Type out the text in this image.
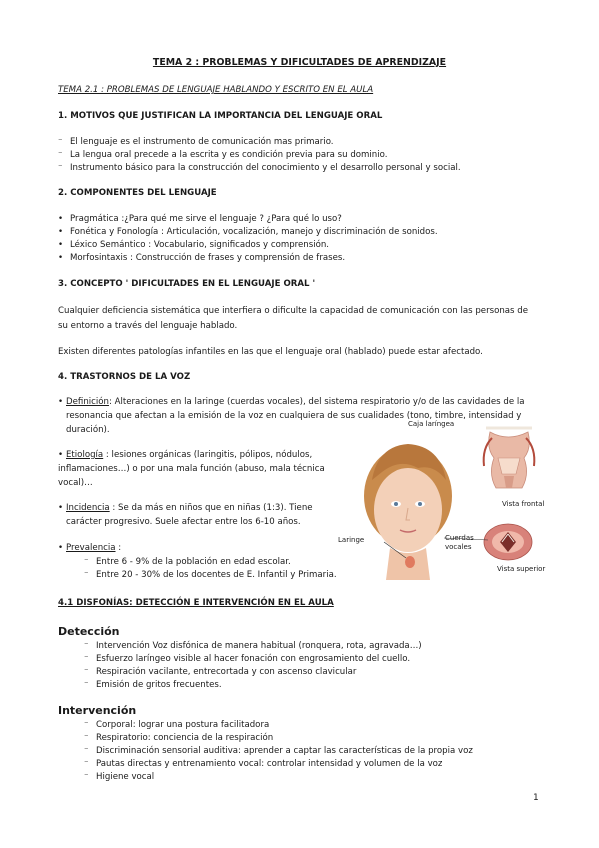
TEMA 2 : PROBLEMAS Y DIFICULTADES DE APRENDIZAJE
TEMA 2.1 : PROBLEMAS DE LENGUAJE HABLANDO Y ESCRITO EN EL AULA
1. MOTIVOS QUE JUSTIFICAN LA IMPORTANCIA DEL LENGUAJE ORAL
⁻ El lenguaje es el instrumento de comunicación mas primario.
⁻ La lengua oral precede a la escrita y es condición previa para su dominio.
⁻ Instrumento básico para la construcción del conocimiento y el desarrollo personal y social.
2. COMPONENTES DEL LENGUAJE
• Pragmática :¿Para qué me sirve el lenguaje ? ¿Para qué lo uso?
• Fonética y Fonología : Articulación, vocalización, manejo y discriminación de sonidos.
• Léxico Semántico : Vocabulario, significados y comprensión.
• Morfosintaxis : Construcción de frases y comprensión de frases.
3. CONCEPTO ' DIFICULTADES EN EL LENGUAJE ORAL '
Cualquier deficiencia sistemática que interfiera o dificulte la capacidad de comunicación con las personas de
su entorno a través del lenguaje hablado.
Existen diferentes patologías infantiles en las que el lenguaje oral (hablado) puede estar afectado.
4. TRASTORNOS DE LA VOZ
• Definición: Alteraciones en la laringe (cuerdas vocales), del sistema respiratorio y/o de las cavidades de la
resonancia que afectan a la emisión de la voz en cualquiera de sus cualidades (tono, timbre, intensidad y
duración).
• Etiología : lesiones orgánicas (laringitis, pólipos, nódulos,
inflamaciones…) o por una mala función (abuso, mala técnica
vocal)…
• Incidencia : Se da más en niños que en niñas (1:3). Tiene
carácter progresivo. Suele afectar entre los 6-10 años.
• Prevalencia :
⁻ Entre 6 - 9% de la población en edad escolar.
⁻ Entre 20 - 30% de los docentes de E. Infantil y Primaria.
Caja laríngea
Laringe
Vista frontal
Cuerdas
vocales
Vista superior
4.1 DISFONÍAS: DETECCIÓN E INTERVENCIÓN EN EL AULA
Detección
⁻ Intervención Voz disfónica de manera habitual (ronquera, rota, agravada…)
⁻ Esfuerzo laríngeo visible al hacer fonación con engrosamiento del cuello.
⁻ Respiración vacilante, entrecortada y con ascenso clavicular
⁻ Emisión de gritos frecuentes.
Intervención
⁻ Corporal: lograr una postura facilitadora
⁻ Respiratorio: conciencia de la respiración
⁻ Discriminación sensorial auditiva: aprender a captar las características de la propia voz
⁻ Pautas directas y entrenamiento vocal: controlar intensidad y volumen de la voz
⁻ Higiene vocal
1
